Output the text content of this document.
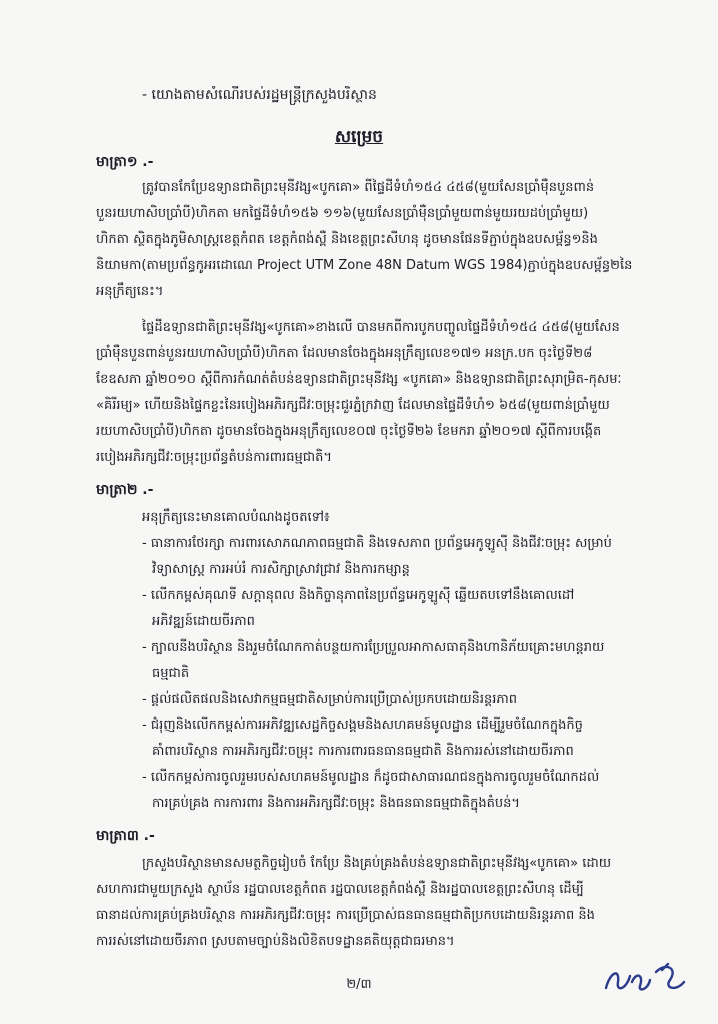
- យោងតាមសំណើរបស់រដ្ឋមន្ត្រីក្រសួងបរិស្ថាន
សម្រេច
មាត្រា១ .-
ត្រូវបានកែប្រែឧទ្យានជាតិព្រះមុនីវង្ស«បូកគោ» ពីផ្ទៃដីទំហំ១៥៤ ៤៥៨(មួយសែនប្រាំម៉ឺនបួនពាន់
បួនរយហាសិបប្រាំបី)ហិកតា មកផ្ទៃដីទំហំ១៥៦ ១១៦(មួយសែនប្រាំម៉ឺនប្រាំមួយពាន់មួយរយដប់ប្រាំមួយ)
ហិកតា ស្ថិតក្នុងភូមិសាស្ត្រខេត្តកំពត ខេត្តកំពង់ស្ពឺ និងខេត្តព្រះសីហនុ ដូចមានផែនទីភ្ជាប់ក្នុងឧបសម្ព័ន្ធ១និង
និយាមកា(តាមប្រព័ន្ធកូអរដោណេ Project UTM Zone 48N Datum WGS 1984)ភ្ជាប់ក្នុងឧបសម្ព័ន្ធ២នៃ
អនុក្រឹត្យនេះ។
ផ្ទៃដីឧទ្យានជាតិព្រះមុនីវង្ស«បូកគោ»ខាងលើ បានមកពីការបូកបញ្ចូលផ្ទៃដីទំហំ១៥៤ ៤៥៨(មួយសែន
ប្រាំម៉ឺនបួនពាន់បួនរយហាសិបប្រាំបី)ហិកតា ដែលមានចែងក្នុងអនុក្រឹត្យលេខ១៧១ អនក្រ.បក ចុះថ្ងៃទី២៨
ខែឧសភា ឆ្នាំ២០១០ ស្តីពីការកំណត់តំបន់ឧទ្យានជាតិព្រះមុនីវង្ស «បូកគោ» និងឧទ្យានជាតិព្រះសុរាម្រិត-កុសមៈ
«គិរីរម្យ» ហើយនិងផ្ទៃកខ្លះនៃរបៀងអភិរក្សជីវៈចម្រុះជួរភ្នំក្រវាញ ដែលមានផ្ទៃដីទំហំ១ ៦៥៨(មួយពាន់ប្រាំមួយ
រយហាសិបប្រាំបី)ហិកតា ដូចមានចែងក្នុងអនុក្រឹត្យលេខ០៧ ចុះថ្ងៃទី២៦ ខែមករា ឆ្នាំ២០១៧ ស្តីពីការបង្កើត
របៀងអភិរក្សជីវៈចម្រុះប្រព័ន្ធតំបន់ការពារធម្មជាតិ។
មាត្រា២ .-
អនុក្រឹត្យនេះមានគោលបំណងដូចតទៅ៖
- ធានាការថែរក្សា ការពារសោភណភាពធម្មជាតិ និងទេសភាព ប្រព័ន្ធអេកូឡូស៊ី និងជីវៈចម្រុះ សម្រាប់
វិទ្យាសាស្ត្រ ការអប់រំ ការសិក្សាស្រាវជ្រាវ និងការកម្សាន្ត
- លើកកម្ពស់គុណទី សក្តានុពល និងកិច្ចានុភាពនៃប្រព័ន្ធអេកូឡូស៊ី ឆ្លើយតបទៅនឹងគោលដៅ
អភិវឌ្ឍន៍ដោយចីរភាព
- ក្បាលនីងបរិស្ថាន និងរួមចំណែកកាត់បន្ថយការប្រែប្រួលអាកាសធាតុនិងហានិភ័យគ្រោះមហន្តរាយ
ធម្មជាតិ
- ផ្តល់ផលិតផលនិងសេវាកម្មធម្មជាតិសម្រាប់ការប្រើប្រាស់ប្រកបដោយនិរន្តរភាព
- ជំរុញនិងលើកកម្ពស់ការអភិវឌ្ឍសេដ្ឋកិច្ចសង្គមនិងសហគមន៍មូលដ្ឋាន ដើម្បីរួមចំណែកក្នុងកិច្ច
គាំពារបរិស្ថាន ការអភិរក្សជីវៈចម្រុះ ការការពារធនធានធម្មជាតិ និងការរស់នៅដោយចីរភាព
- លើកកម្ពស់ការចូលរួមរបស់សហគមន៍មូលដ្ឋាន ក៏ដូចជាសាធារណជនក្នុងការចូលរួមចំណែកដល់
ការគ្រប់គ្រង ការការពារ និងការអភិរក្សជីវៈចម្រុះ និងធនធានធម្មជាតិក្នុងតំបន់។
មាត្រា៣ .-
ក្រសួងបរិស្ថានមានសមត្ថកិច្ចរៀបចំ កែប្រែ និងគ្រប់គ្រងតំបន់ឧទ្យានជាតិព្រះមុនីវង្ស«បូកគោ» ដោយ
សហការជាមួយក្រសួង ស្ថាប័ន រដ្ឋបាលខេត្តកំពត រដ្ឋបាលខេត្តកំពង់ស្ពឺ និងរដ្ឋបាលខេត្តព្រះសីហនុ ដើម្បី
ធានាដល់ការគ្រប់គ្រងបរិស្ថាន ការអភិរក្សជីវៈចម្រុះ ការប្រើប្រាស់ធនធានធម្មជាតិប្រកបដោយនិរន្តរភាព និង
ការរស់នៅដោយចីរភាព ស្របតាមច្បាប់និងលិខិតបទដ្ឋានគតិយុត្តជាធរមាន។
២/៣
